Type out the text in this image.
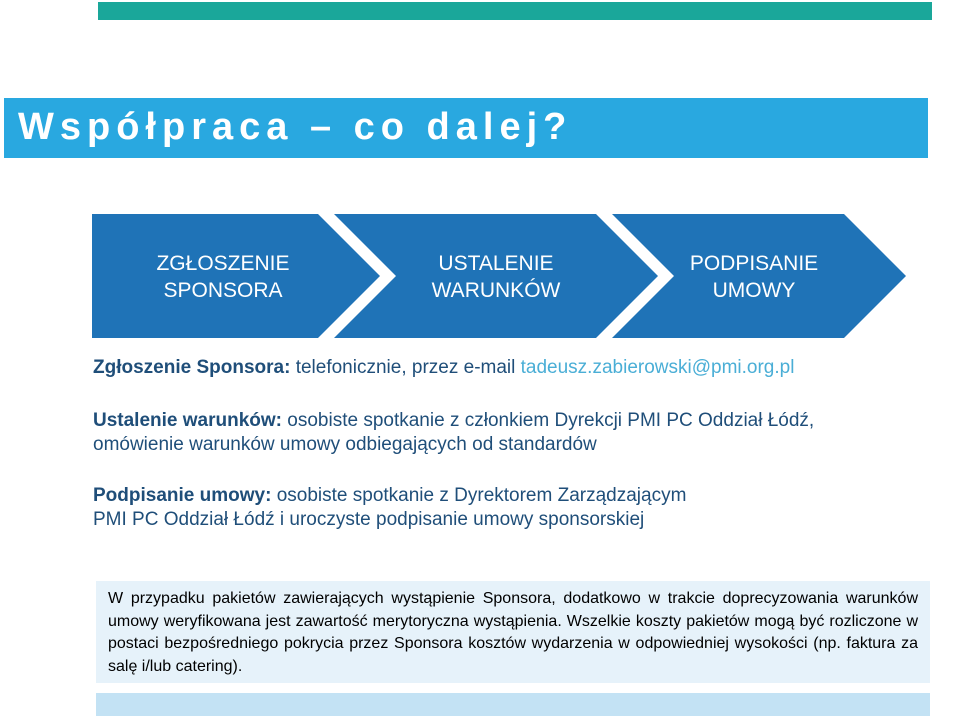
Współpraca – co dalej?
ZGŁOSZENIE
SPONSORA
USTALENIE
WARUNKÓW
PODPISANIE
UMOWY
Zgłoszenie Sponsora: telefonicznie, przez e-mail tadeusz.zabierowski@pmi.org.pl
Ustalenie warunków: osobiste spotkanie z członkiem Dyrekcji PMI PC Oddział Łódź,
omówienie warunków umowy odbiegających od standardów
Podpisanie umowy: osobiste spotkanie z Dyrektorem Zarządzającym
PMI PC Oddział Łódź i uroczyste podpisanie umowy sponsorskiej
W przypadku pakietów zawierających wystąpienie Sponsora, dodatkowo w trakcie doprecyzowania warunków umowy weryfikowana jest zawartość merytoryczna wystąpienia. Wszelkie koszty pakietów mogą być rozliczone w postaci bezpośredniego pokrycia przez Sponsora kosztów wydarzenia w odpowiedniej wysokości (np. faktura za salę i/lub catering).
